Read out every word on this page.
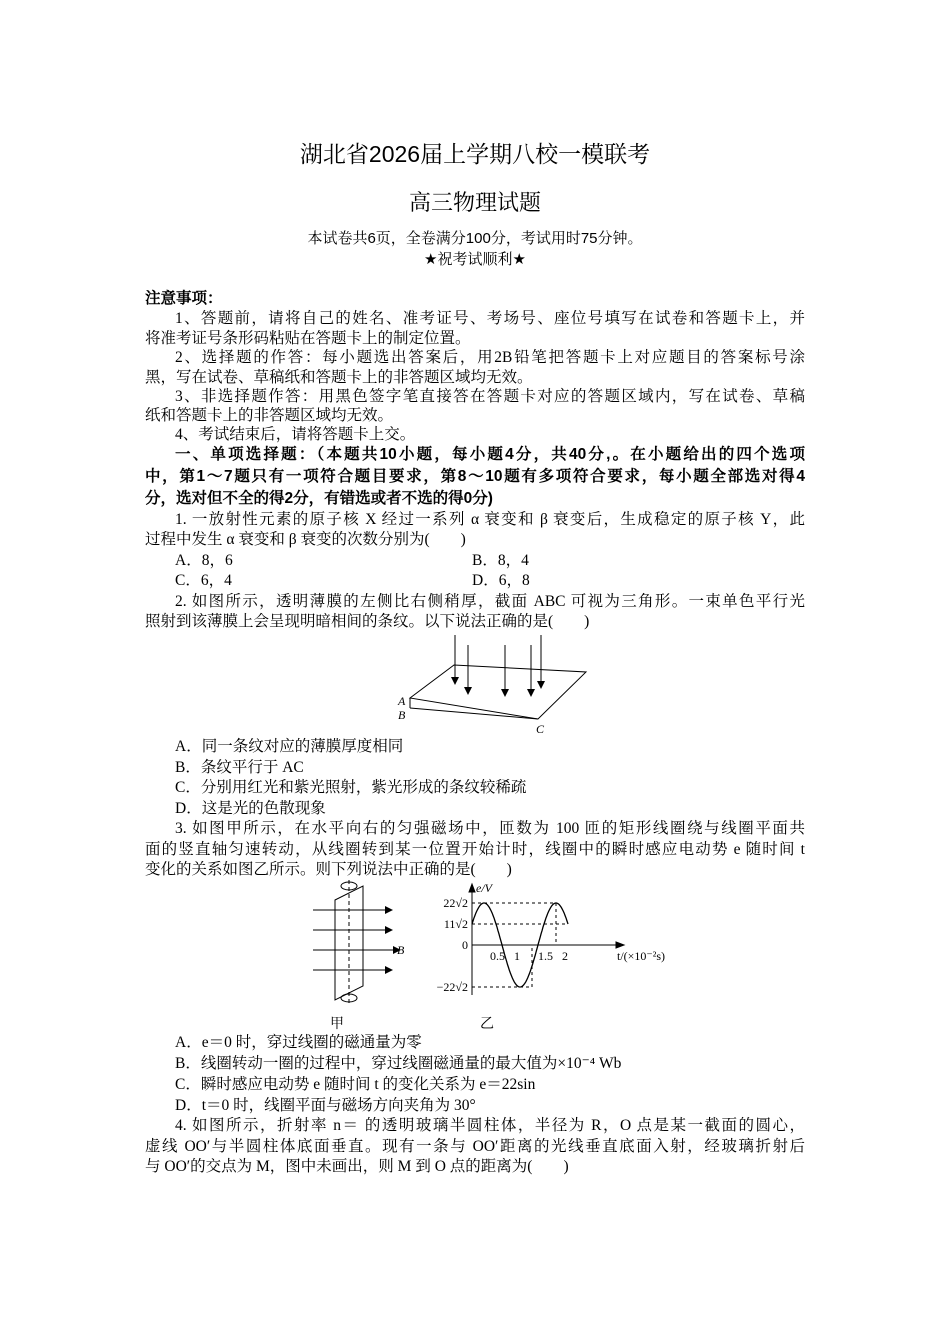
湖北省2026届上学期八校一模联考
高三物理试题
本试卷共6页，全卷满分100分，考试用时75分钟。
★祝考试顺利★
注意事项：
1、答题前，请将自己的姓名、准考证号、考场号、座位号填写在试卷和答题卡上，并
将准考证号条形码粘贴在答题卡上的制定位置。
2、选择题的作答：每小题选出答案后，用2B铅笔把答题卡上对应题目的答案标号涂
黑，写在试卷、草稿纸和答题卡上的非答题区域均无效。
3、非选择题作答：用黑色签字笔直接答在答题卡对应的答题区域内，写在试卷、草稿
纸和答题卡上的非答题区域均无效。
4、考试结束后，请将答题卡上交。
一、单项选择题：（本题共10小题，每小题4分，共40分,。在小题给出的四个选项
中，第1～7题只有一项符合题目要求，第8～10题有多项符合要求，每小题全部选对得4
分，选对但不全的得2分，有错选或者不选的得0分)
1. 一放射性元素的原子核 X 经过一系列 α 衰变和 β 衰变后，生成稳定的原子核 Y，此
过程中发生 α 衰变和 β 衰变的次数分别为(　　)
A．8，6	B．8，4
C．6，4	D．6，8
2. 如图所示，透明薄膜的左侧比右侧稍厚，截面 ABC 可视为三角形。一束单色平行光
照射到该薄膜上会呈现明暗相间的条纹。以下说法正确的是(　　)
A
B
C
A．同一条纹对应的薄膜厚度相同
B．条纹平行于 AC
C．分别用红光和紫光照射，紫光形成的条纹较稀疏
D．这是光的色散现象
3. 如图甲所示，在水平向右的匀强磁场中，匝数为 100 匝的矩形线圈绕与线圈平面共
面的竖直轴匀速转动，从线圈转到某一位置开始计时，线圈中的瞬时感应电动势 e 随时间 t
变化的关系如图乙所示。则下列说法中正确的是(　　)
B	0.5 1 1.5 2
22√2
11√2
0
−22√2
e/V
t/(×10⁻²s)
甲	乙
A．e＝0 时，穿过线圈的磁通量为零
B．线圈转动一圈的过程中，穿过线圈磁通量的最大值为×10⁻⁴ Wb
C．瞬时感应电动势 e 随时间 t 的变化关系为 e＝22sin
D．t＝0 时，线圈平面与磁场方向夹角为 30°
4. 如图所示，折射率 n＝ 的透明玻璃半圆柱体，半径为 R，O 点是某一截面的圆心，
虚线 OO′与半圆柱体底面垂直。现有一条与 OO′距离的光线垂直底面入射，经玻璃折射后
与 OO′的交点为 M，图中未画出，则 M 到 O 点的距离为(　　)
